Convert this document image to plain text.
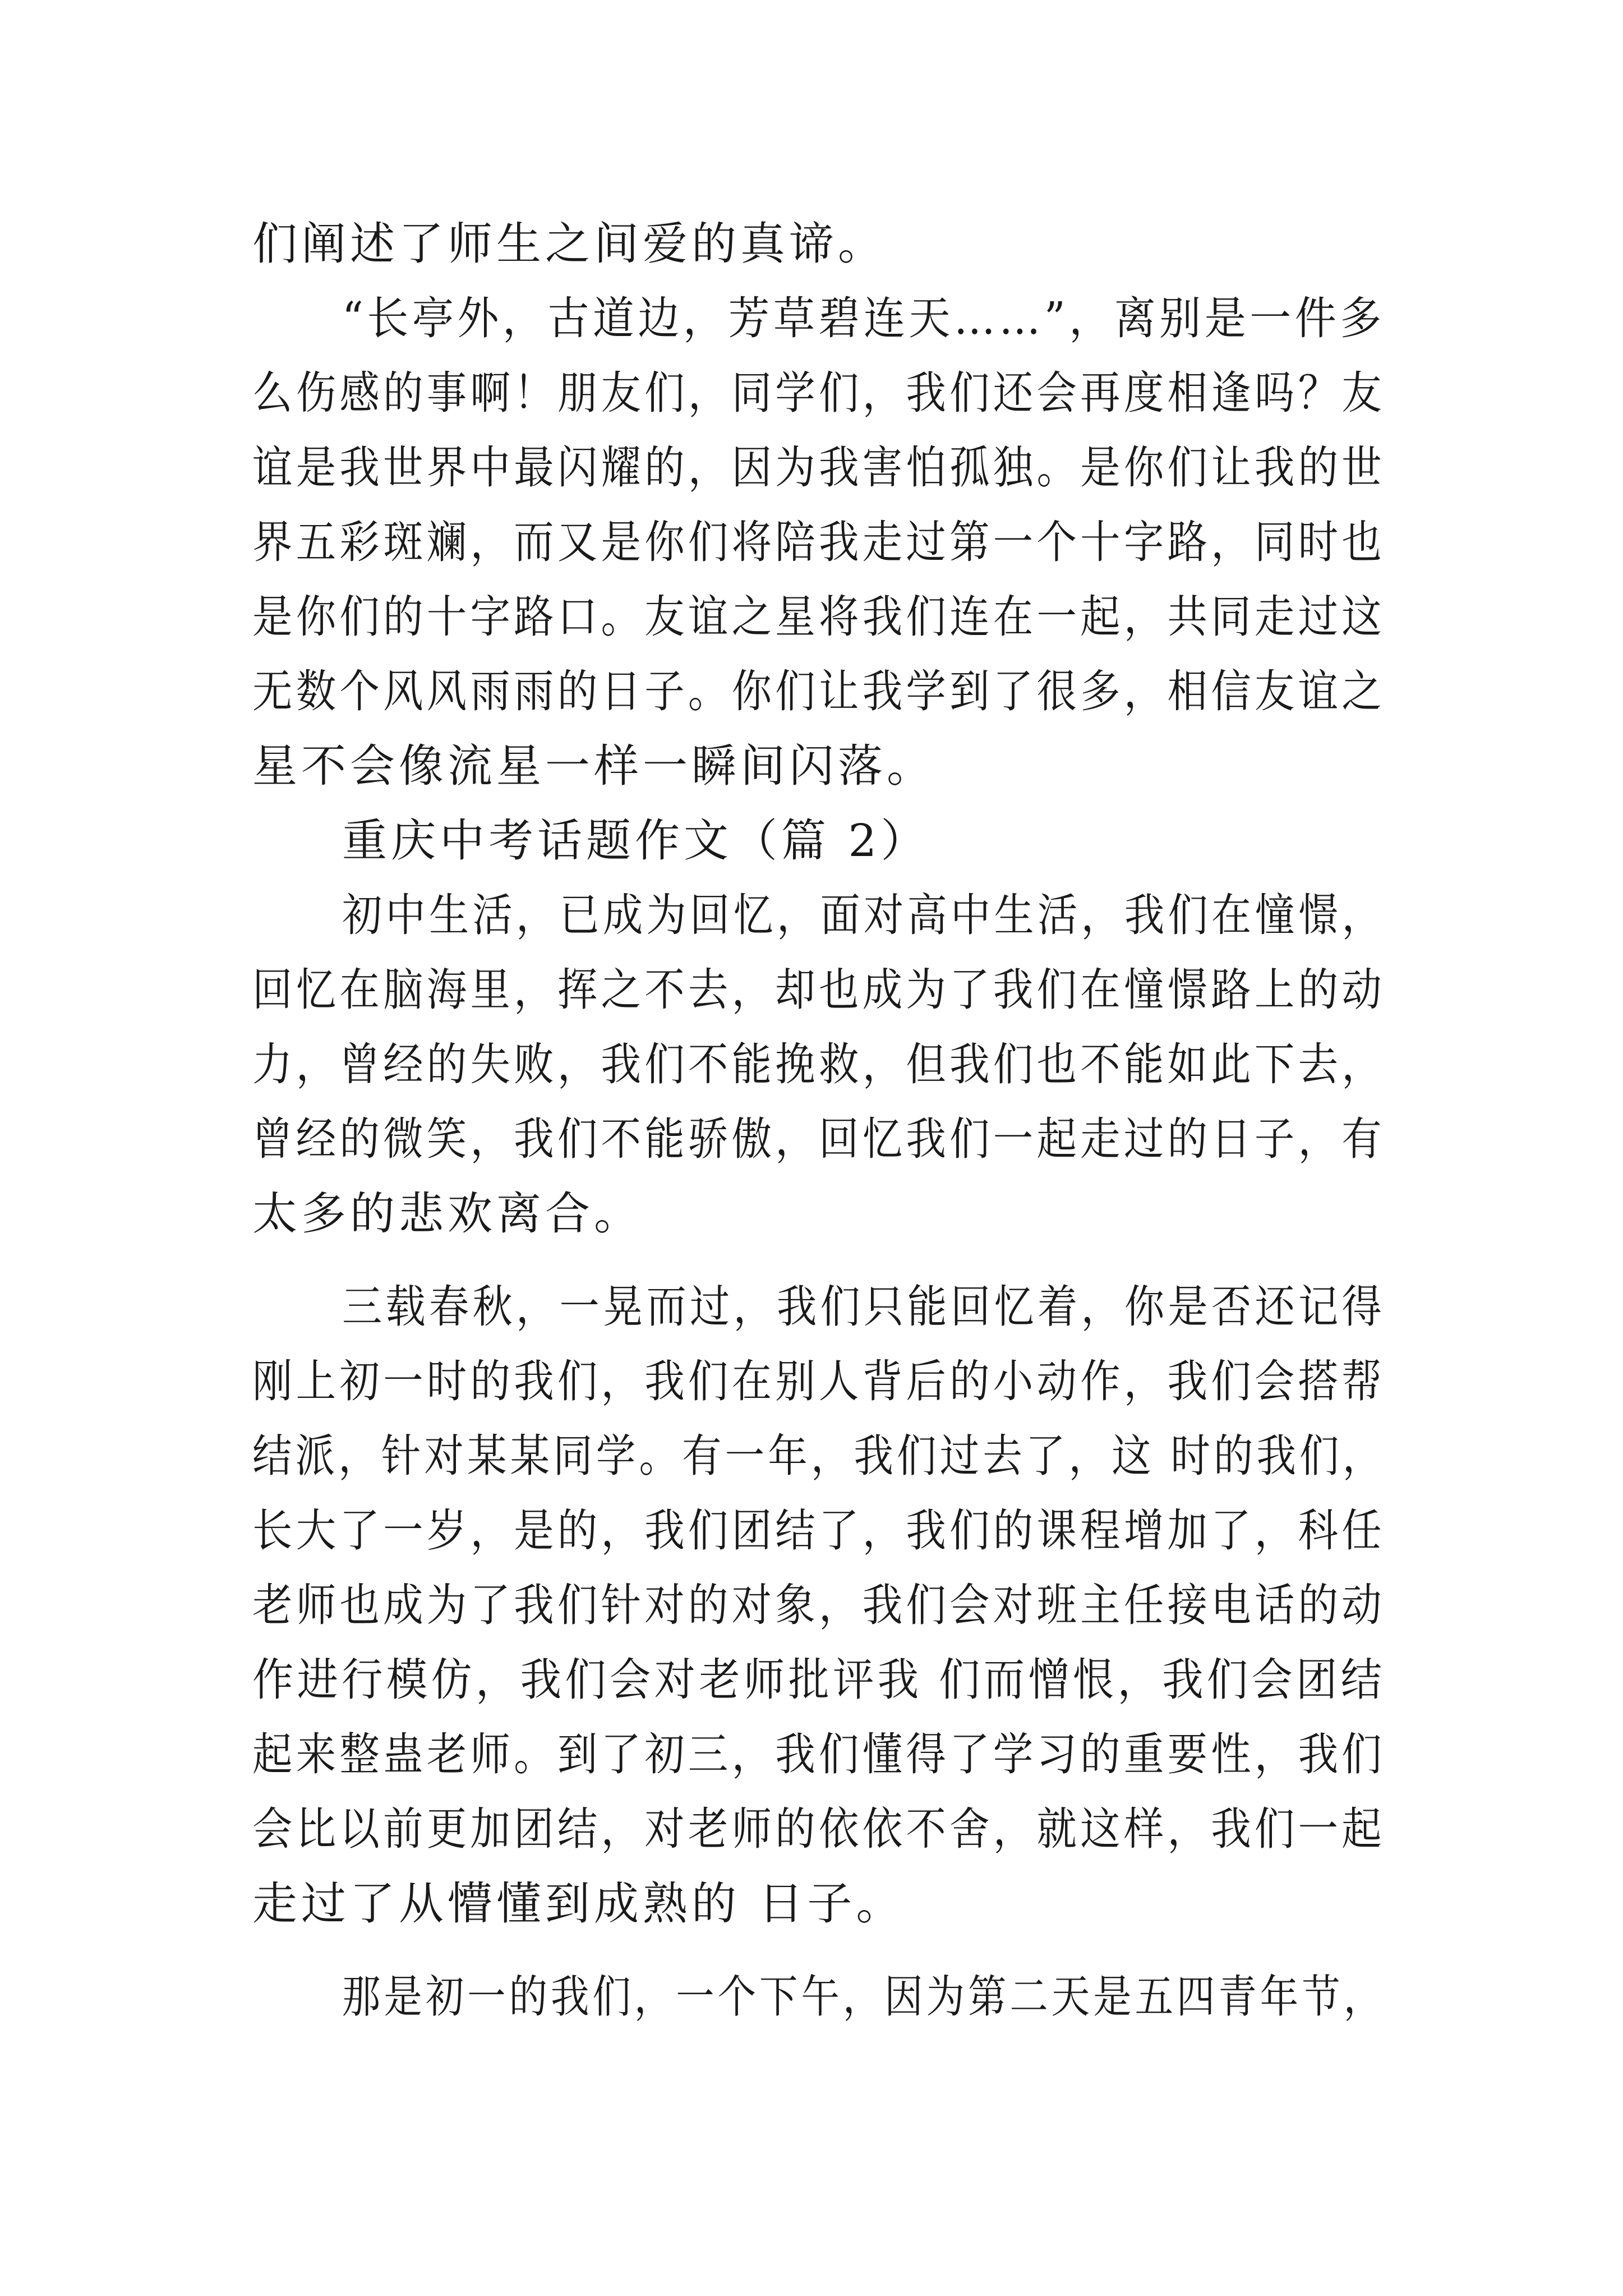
们阐述了师生之间爱的真谛。
“长亭外，古道边，芳草碧连天……”，离别是一件多
么伤感的事啊！朋友们，同学们，我们还会再度相逢吗？友
谊是我世界中最闪耀的，因为我害怕孤独。是你们让我的世
界五彩斑斓，而又是你们将陪我走过第一个十字路，同时也
是你们的十字路口。友谊之星将我们连在一起，共同走过这
无数个风风雨雨的日子。你们让我学到了很多，相信友谊之
星不会像流星一样一瞬间闪落。
重庆中考话题作文（篇 2）
初中生活，已成为回忆，面对高中生活，我们在憧憬，
回忆在脑海里，挥之不去，却也成为了我们在憧憬路上的动
力，曾经的失败，我们不能挽救，但我们也不能如此下去，
曾经的微笑，我们不能骄傲，回忆我们一起走过的日子，有
太多的悲欢离合。
三载春秋，一晃而过，我们只能回忆着，你是否还记得
刚上初一时的我们，我们在别人背后的小动作，我们会搭帮
结派，针对某某同学。有一年，我们过去了，这 时的我们，
长大了一岁，是的，我们团结了，我们的课程增加了，科任
老师也成为了我们针对的对象，我们会对班主任接电话的动
作进行模仿，我们会对老师批评我 们而憎恨，我们会团结
起来整蛊老师。到了初三，我们懂得了学习的重要性，我们
会比以前更加团结，对老师的依依不舍，就这样，我们一起
走过了从懵懂到成熟的 日子。
那是初一的我们，一个下午，因为第二天是五四青年节，
